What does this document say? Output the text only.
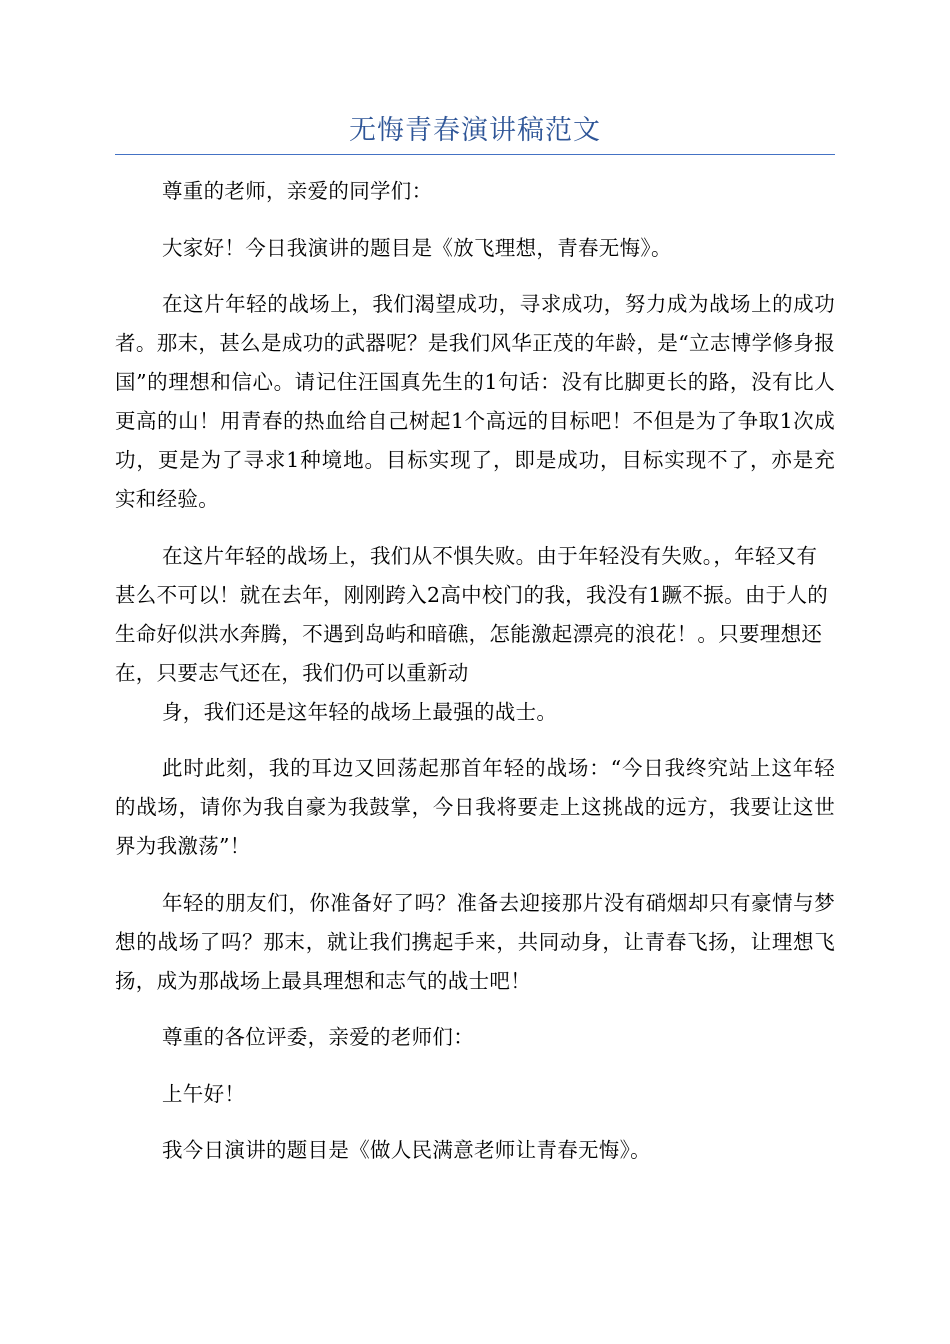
无悔青春演讲稿范文

尊重的老师，亲爱的同学们：

大家好！今日我演讲的题目是《放飞理想，青春无悔》。

在这片年轻的战场上，我们渴望成功，寻求成功，努力成为战场上的成功者。那末，甚么是成功的武器呢？是我们风华正茂的年龄，是“立志博学修身报国”的理想和信心。请记住汪国真先生的1句话：没有比脚更长的路，没有比人更高的山！用青春的热血给自己树起1个高远的目标吧！不但是为了争取1次成功，更是为了寻求1种境地。目标实现了，即是成功，目标实现不了，亦是充实和经验。

在这片年轻的战场上，我们从不惧失败。由于年轻没有失败。，年轻又有甚么不可以！就在去年，刚刚跨入2高中校门的我，我没有1蹶不振。由于人的生命好似洪水奔腾，不遇到岛屿和暗礁，怎能激起漂亮的浪花！。只要理想还在，只要志气还在，我们仍可以重新动

身，我们还是这年轻的战场上最强的战士。

此时此刻，我的耳边又回荡起那首年轻的战场：“今日我终究站上这年轻的战场，请你为我自豪为我鼓掌，今日我将要走上这挑战的远方，我要让这世界为我激荡”！

年轻的朋友们，你准备好了吗？准备去迎接那片没有硝烟却只有豪情与梦想的战场了吗？那末，就让我们携起手来，共同动身，让青春飞扬，让理想飞扬，成为那战场上最具理想和志气的战士吧！

尊重的各位评委，亲爱的老师们：

上午好！

我今日演讲的题目是《做人民满意老师让青春无悔》。
